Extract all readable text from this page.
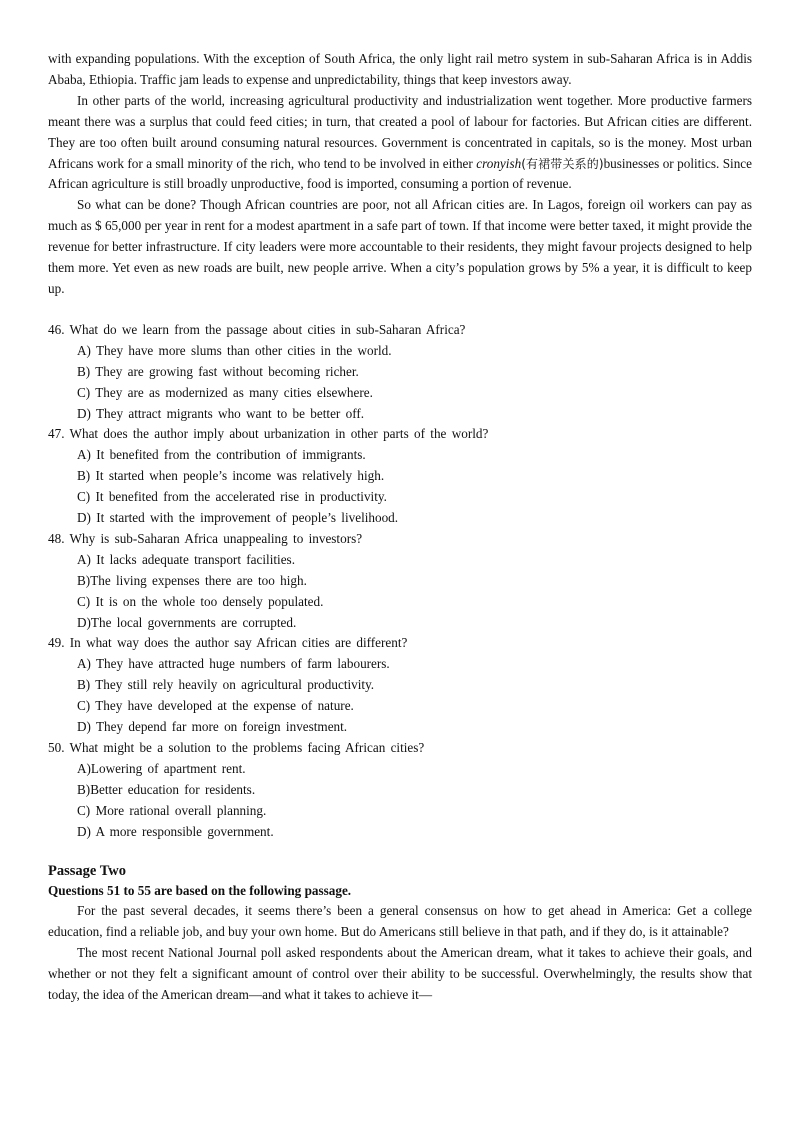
with expanding populations. With the exception of South Africa, the only light rail metro system in sub-Saharan Africa is in Addis Ababa, Ethiopia. Traffic jam leads to expense and unpredictability, things that keep investors away.

In other parts of the world, increasing agricultural productivity and industrialization went together. More productive farmers meant there was a surplus that could feed cities; in turn, that created a pool of labour for factories. But African cities are different. They are too often built around consuming natural resources. Government is concentrated in capitals, so is the money. Most urban Africans work for a small minority of the rich, who tend to be involved in either cronyish(有裙带关系的)businesses or politics. Since African agriculture is still broadly unproductive, food is imported, consuming a portion of revenue.

So what can be done? Though African countries are poor, not all African cities are. In Lagos, foreign oil workers can pay as much as $ 65,000 per year in rent for a modest apartment in a safe part of town. If that income were better taxed, it might provide the revenue for better infrastructure. If city leaders were more accountable to their residents, they might favour projects designed to help them more. Yet even as new roads are built, new people arrive. When a city’s population grows by 5% a year, it is difficult to keep up.

46. What do we learn from the passage about cities in sub-Saharan Africa?

A) They have more slums than other cities in the world.

B) They are growing fast without becoming richer.

C) They are as modernized as many cities elsewhere.

D) They attract migrants who want to be better off.

47. What does the author imply about urbanization in other parts of the world?

A) It benefited from the contribution of immigrants.

B) It started when people’s income was relatively high.

C) It benefited from the accelerated rise in productivity.

D) It started with the improvement of people’s livelihood.

48. Why is sub-Saharan Africa unappealing to investors?

A) It lacks adequate transport facilities.

B)The living expenses there are too high.

C) It is on the whole too densely populated.

D)The local governments are corrupted.

49. In what way does the author say African cities are different?

A) They have attracted huge numbers of farm labourers.

B) They still rely heavily on agricultural productivity.

C) They have developed at the expense of nature.

D) They depend far more on foreign investment.

50. What might be a solution to the problems facing African cities?

A)Lowering of apartment rent.

B)Better education for residents.

C) More rational overall planning.

D) A more responsible government.

Passage Two

Questions 51 to 55 are based on the following passage.

For the past several decades, it seems there’s been a general consensus on how to get ahead in America: Get a college education, find a reliable job, and buy your own home. But do Americans still believe in that path, and if they do, is it attainable?

The most recent National Journal poll asked respondents about the American dream, what it takes to achieve their goals, and whether or not they felt a significant amount of control over their ability to be successful. Overwhelmingly, the results show that today, the idea of the American dream—and what it takes to achieve it—
